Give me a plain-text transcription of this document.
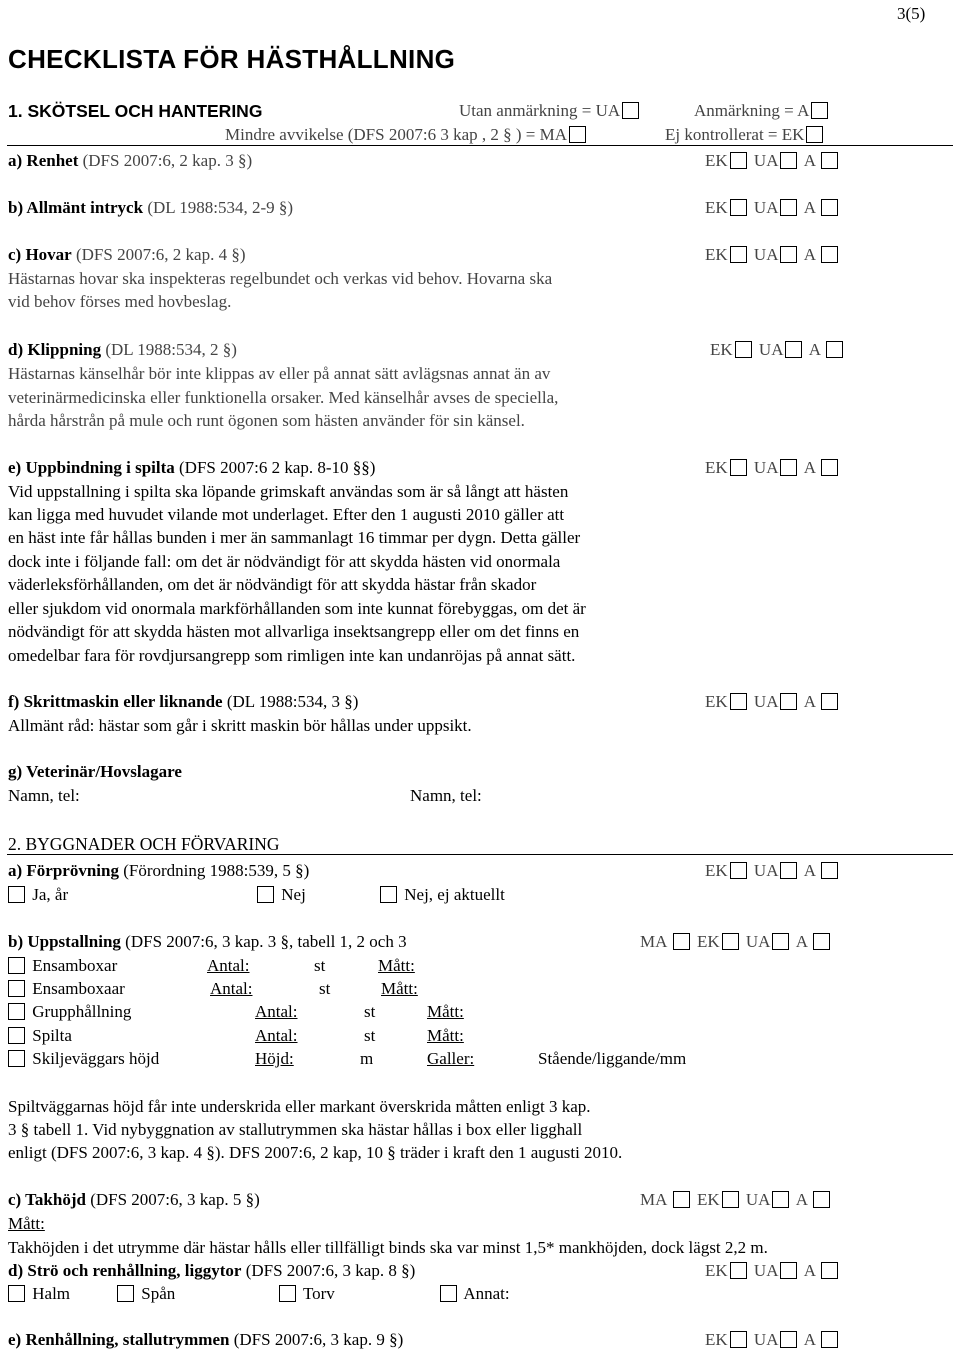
3(5)
CHECKLISTA FÖR HÄSTHÅLLNING
1. SKÖTSEL OCH HANTERING	Utan anmärkning = UA	Anmärkning = A
Mindre avvikelse (DFS 2007:6 3 kap , 2 § ) = MA	Ej kontrollerat = EK
a) Renhet (DFS 2007:6, 2 kap. 3 §)	EK UA A
b) Allmänt intryck (DL 1988:534, 2-9 §)	EK UA A
c) Hovar (DFS 2007:6, 2 kap. 4 §)	EK UA A
Hästarnas hovar ska inspekteras regelbundet och verkas vid behov. Hovarna ska
vid behov förses med hovbeslag.
d) Klippning (DL 1988:534, 2 §)	EK UA A
Hästarnas känselhår bör inte klippas av eller på annat sätt avlägsnas annat än av
veterinärmedicinska eller funktionella orsaker. Med känselhår avses de speciella,
hårda hårstrån på mule och runt ögonen som hästen använder för sin känsel.
e) Uppbindning i spilta (DFS 2007:6 2 kap. 8-10 §§)	EK UA A
Vid uppstallning i spilta ska löpande grimskaft användas som är så långt att hästen
kan ligga med huvudet vilande mot underlaget. Efter den 1 augusti 2010 gäller att
en häst inte får hållas bunden i mer än sammanlagt 16 timmar per dygn. Detta gäller
dock inte i följande fall: om det är nödvändigt för att skydda hästen vid onormala
väderleksförhållanden, om det är nödvändigt för att skydda hästar från skador
eller sjukdom vid onormala markförhållanden som inte kunnat förebyggas, om det är
nödvändigt för att skydda hästen mot allvarliga insektsangrepp eller om det finns en
omedelbar fara för rovdjursangrepp som rimligen inte kan undanröjas på annat sätt.
f) Skrittmaskin eller liknande (DL 1988:534, 3 §)	EK UA A
Allmänt råd: hästar som går i skritt maskin bör hållas under uppsikt.
g) Veterinär/Hovslagare
Namn, tel:	Namn, tel:
2. BYGGNADER OCH FÖRVARING
a) Förprövning (Förordning 1988:539, 5 §)	EK UA A
Ja, år	Nej	Nej, ej aktuellt
b) Uppstallning (DFS 2007:6, 3 kap. 3 §, tabell 1, 2 och 3	MA EK UA A
Ensamboxar	Antal:	st	Mått:
Ensamboxaar	Antal:	st	Mått:
Grupphållning	Antal:	st	Mått:
Spilta	Antal:	st	Mått:
Skiljeväggars höjd	Höjd:	m	Galler:	Stående/liggande/mm
Spiltväggarnas höjd får inte underskrida eller markant överskrida måtten enligt 3 kap.
3 § tabell 1. Vid nybyggnation av stallutrymmen ska hästar hållas i box eller ligghall
enligt (DFS 2007:6, 3 kap. 4 §). DFS 2007:6, 2 kap, 10 § träder i kraft den 1 augusti 2010.
c) Takhöjd (DFS 2007:6, 3 kap. 5 §)	MA EK UA A
Mått:
Takhöjden i det utrymme där hästar hålls eller tillfälligt binds ska var minst 1,5* mankhöjden, dock lägst 2,2 m.
d) Strö och renhållning, liggytor (DFS 2007:6, 3 kap. 8 §)	EK UA A
Halm	Spån	Torv	Annat:
e) Renhållning, stallutrymmen (DFS 2007:6, 3 kap. 9 §)	EK UA A
